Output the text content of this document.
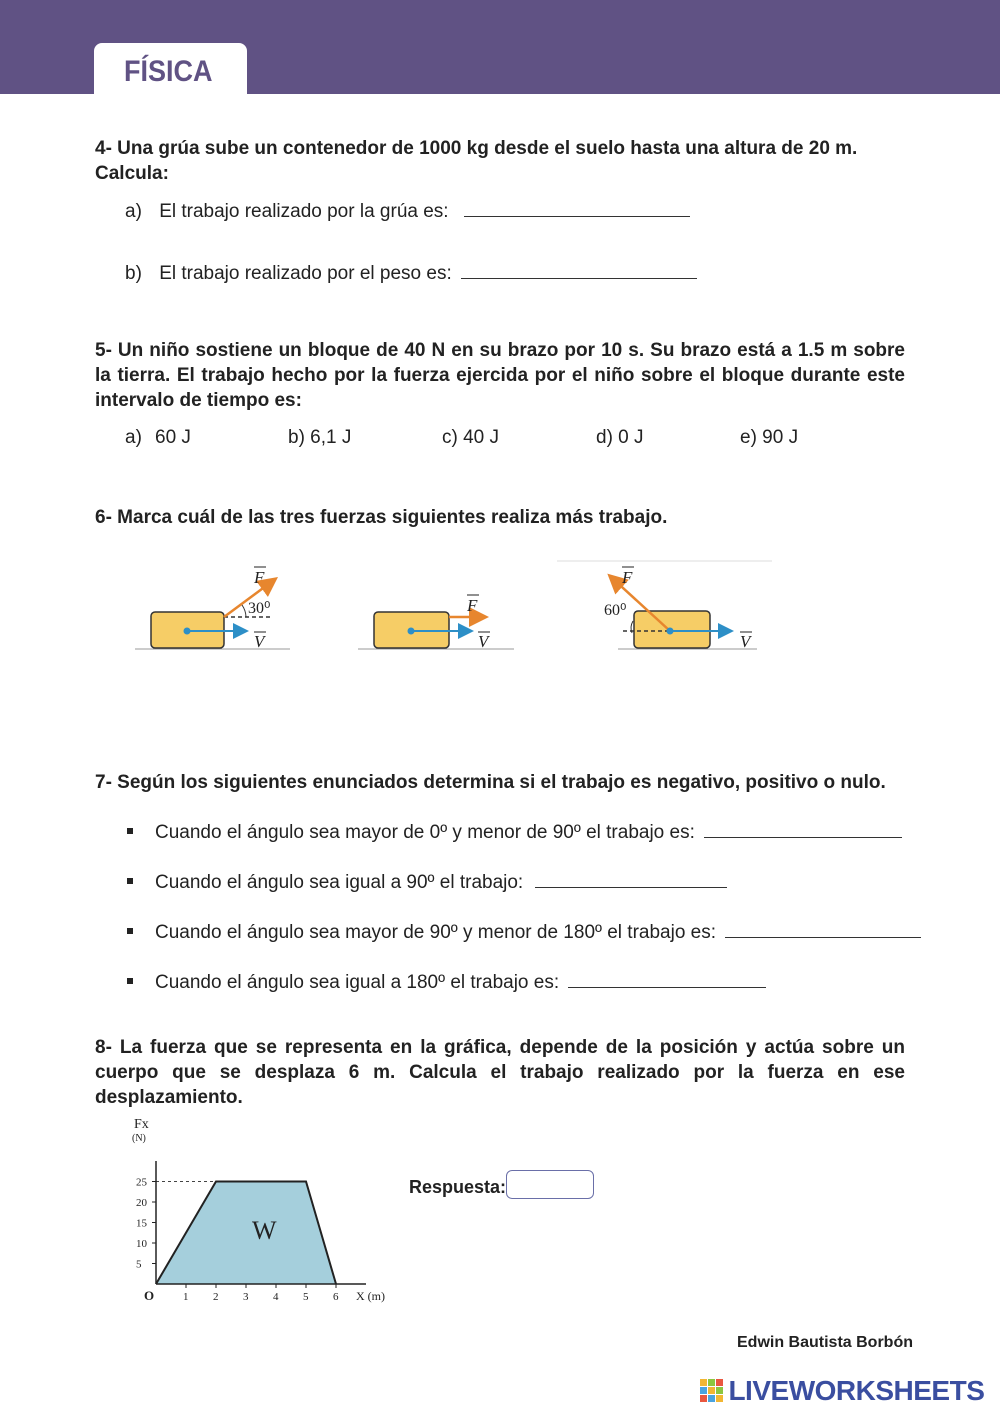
FÍSICA
4- Una grúa sube un contenedor de 1000 kg desde el suelo hasta una altura de 20 m. Calcula:
a) El trabajo realizado por la grúa es:
b) El trabajo realizado por el peso es:
5- Un niño sostiene un bloque de 40 N en su brazo por 10 s. Su brazo está a 1.5 m sobre la tierra. El trabajo hecho por la fuerza ejercida por el niño sobre el bloque durante este intervalo de tiempo es:
a) 60 J	b) 6,1 J	c) 40 J	d) 0 J	e) 90 J
6- Marca cuál de las tres fuerzas siguientes realiza más trabajo.
F
30⁰
V
F
V
F
60⁰
V
7- Según los siguientes enunciados determina si el trabajo es negativo, positivo o nulo.
Cuando el ángulo sea mayor de 0º y menor de 90º el trabajo es:
Cuando el ángulo sea igual a 90º el trabajo:
Cuando el ángulo sea mayor de 90º y menor de 180º el trabajo es:
Cuando el ángulo sea igual a 180º el trabajo es:
8- La fuerza que se representa en la gráfica, depende de la posición y actúa sobre un cuerpo que se desplaza 6 m. Calcula el trabajo realizado por la fuerza en ese desplazamiento.
O	1 2 3 4 5 6
5
10
15
20
25
X (m)
Fx
(N)
W
Respuesta:
Edwin Bautista Borbón
LIVEWORKSHEETS
